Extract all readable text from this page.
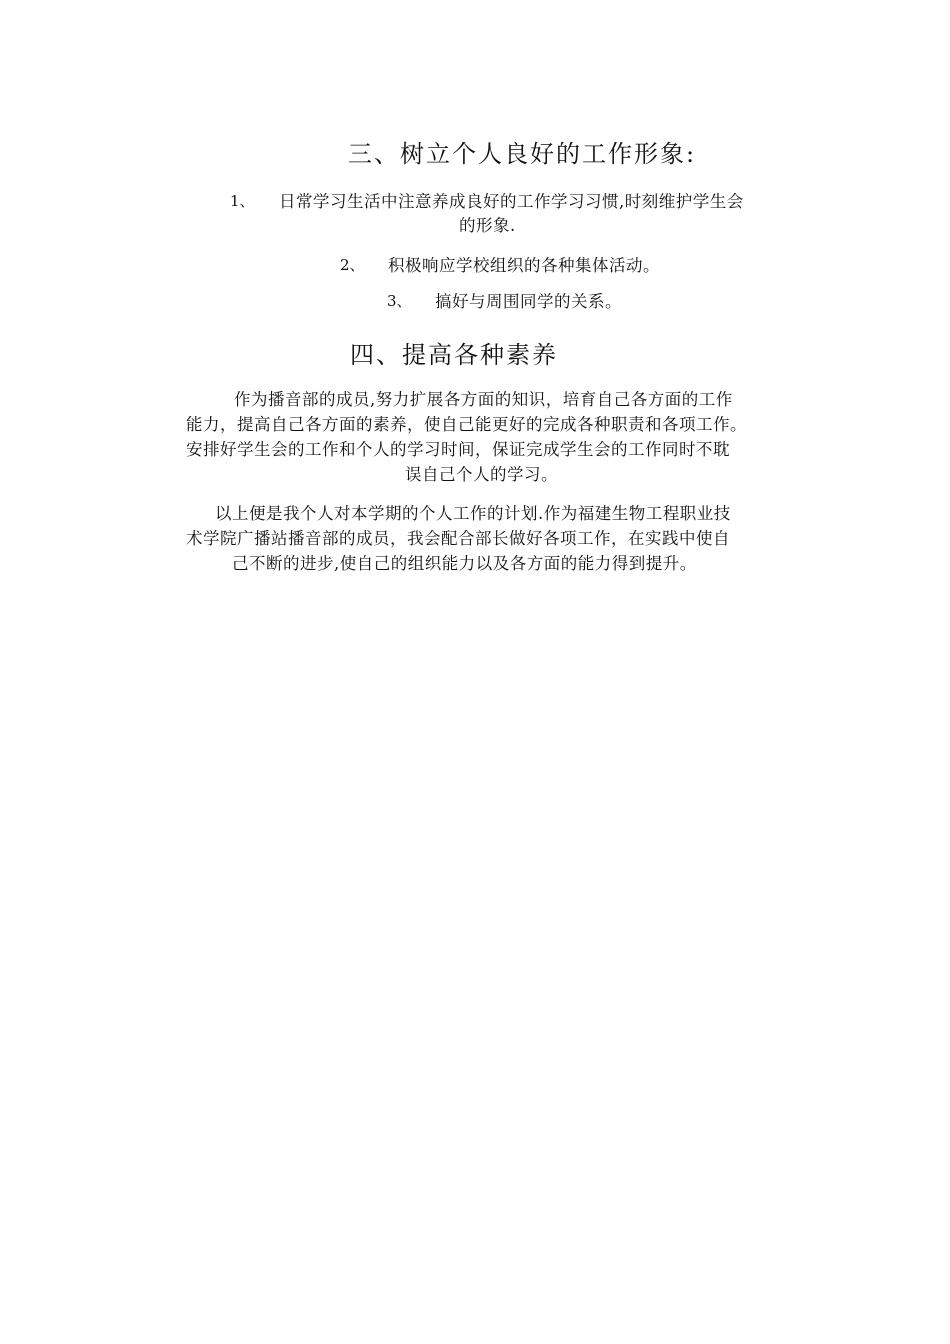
三、树立个人良好的工作形象:
1、 日常学习生活中注意养成良好的工作学习习惯,时刻维护学生会
的形象.
2、 积极响应学校组织的各种集体活动。
3、 搞好与周围同学的关系。
四、提高各种素养
作为播音部的成员,努力扩展各方面的知识，培育自己各方面的工作
能力，提高自己各方面的素养，使自己能更好的完成各种职责和各项工作。
安排好学生会的工作和个人的学习时间，保证完成学生会的工作同时不耽
误自己个人的学习。
以上便是我个人对本学期的个人工作的计划.作为福建生物工程职业技
术学院广播站播音部的成员，我会配合部长做好各项工作，在实践中使自
己不断的进步,使自己的组织能力以及各方面的能力得到提升。
